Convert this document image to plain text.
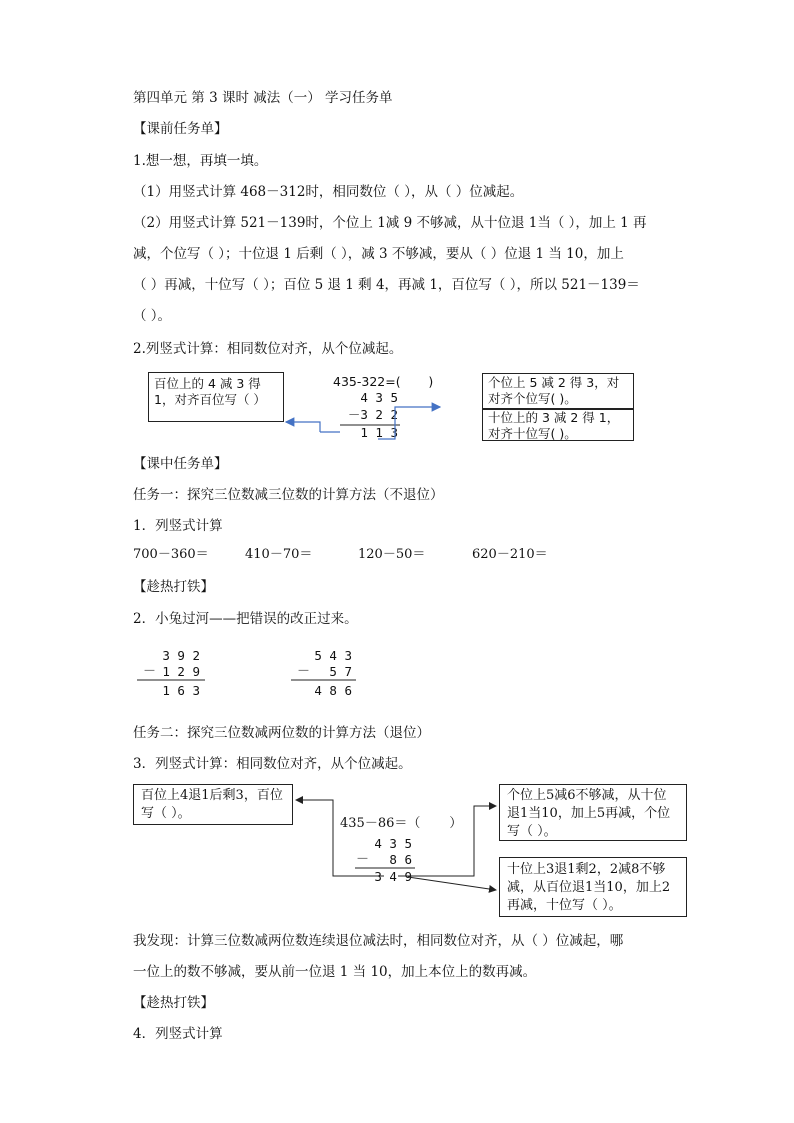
第四单元 第 3 课时 减法（一） 学习任务单
【课前任务单】
1.想一想，再填一填。
（1）用竖式计算 468－312时，相同数位（ ），从（ ）位减起。
（2）用竖式计算 521－139时，个位上 1减 9 不够减，从十位退 1当（ ），加上 1 再
减，个位写（ ）；十位退 1 后剩（ ），减 3 不够减，要从（ ）位退 1 当 10，加上
（ ）再减，十位写（ ）；百位 5 退 1 剩 4，再减 1，百位写（ ），所以 521－139＝
（ ）。
2.列竖式计算：相同数位对齐，从个位减起。
百位上的 4 减 3 得
1，对齐百位写（ ）
435-322=(       )
4 3 5
－3 2 2
1 1 3
个位上 5 减 2 得 3，对
对齐个位写( )。
十位上的 3 减 2 得 1，
对齐十位写( )。
【课中任务单】
任务一：探究三位数减三位数的计算方法（不退位）
1．列竖式计算
700－360＝	410－70＝	120－50＝	620－210＝
【趁热打铁】
2．小兔过河——把错误的改正过来。
3 9 2
－ 1 2 9
1 6 3
5 4 3
－	5 7
4 8 6
任务二：探究三位数减两位数的计算方法（退位）
3．列竖式计算：相同数位对齐，从个位减起。
百位上4退1后剩3，百位
写（ ）。
435－86＝（       ）
4 3 5
－	8 6
3 4 9
个位上5减6不够减，从十位
退1当10，加上5再减，个位
写（ ）。
十位上3退1剩2，2减8不够
减，从百位退1当10，加上2
再减，十位写（ ）。
我发现：计算三位数减两位数连续退位减法时，相同数位对齐，从（ ）位减起，哪
一位上的数不够减，要从前一位退 1 当 10，加上本位上的数再减。
【趁热打铁】
4．列竖式计算
